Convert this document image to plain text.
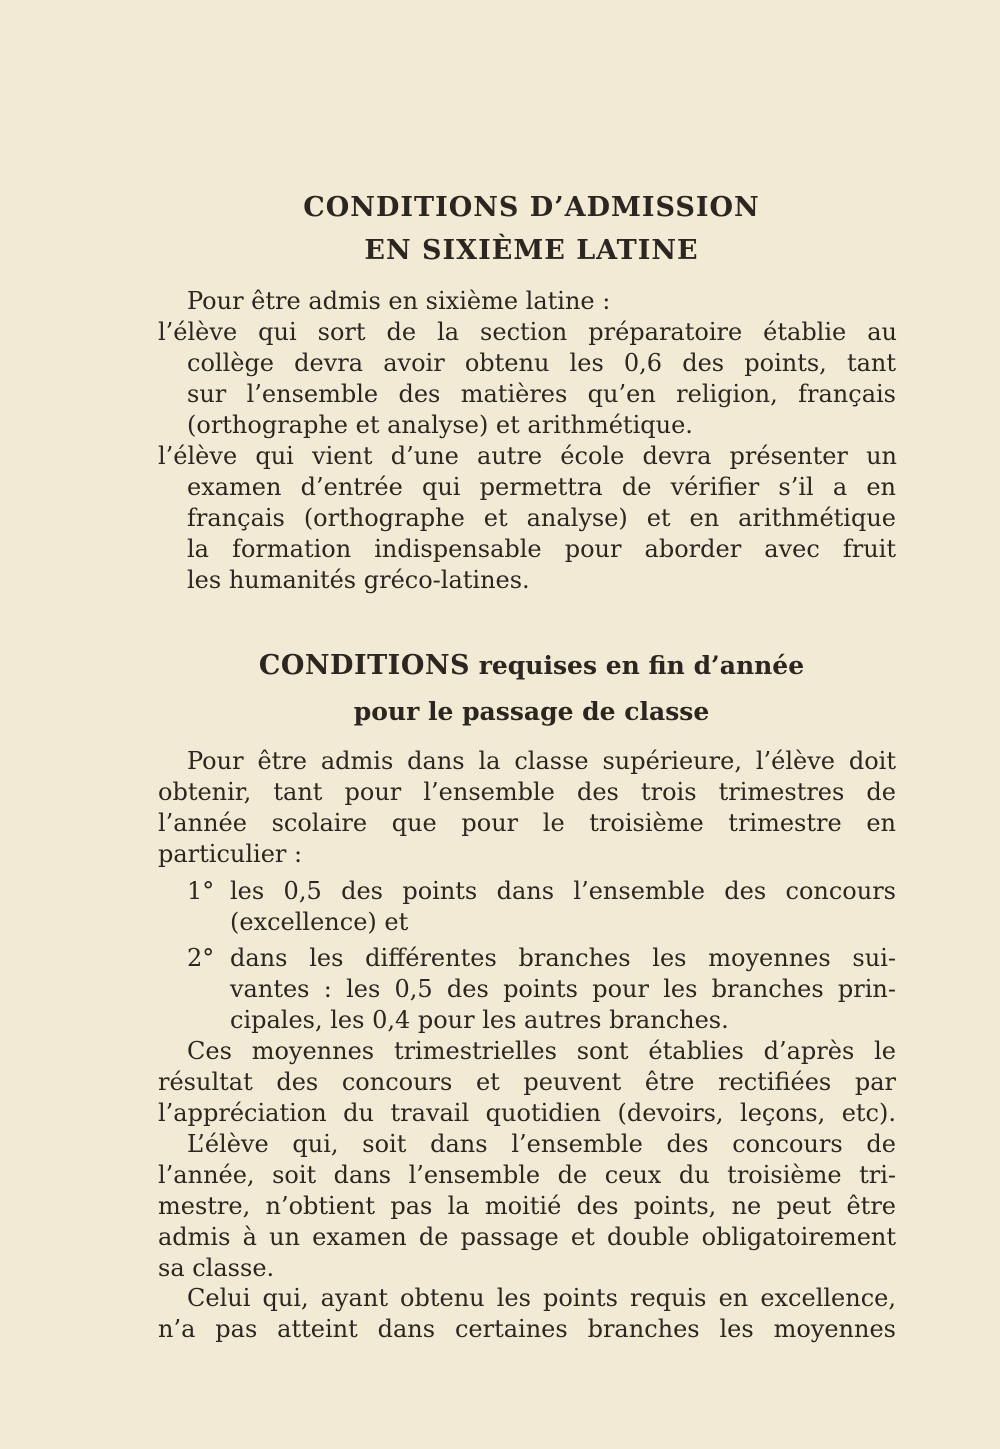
CONDITIONS D’ADMISSION
EN SIXIÈME LATINE
Pour être admis en sixième latine :
l’élève qui sort de la section préparatoire établie au
collège devra avoir obtenu les 0,6 des points, tant
sur l’ensemble des matières qu’en religion, français
(orthographe et analyse) et arithmétique.
l’élève qui vient d’une autre école devra présenter un
examen d’entrée qui permettra de vérifier s’il a en
français (orthographe et analyse) et en arithmétique
la formation indispensable pour aborder avec fruit
les humanités gréco-latines.
CONDITIONS requises en fin d’année
pour le passage de classe
Pour être admis dans la classe supérieure, l’élève doit
obtenir, tant pour l’ensemble des trois trimestres de
l’année scolaire que pour le troisième trimestre en
particulier :
1° les 0,5 des points dans l’ensemble des concours
(excellence) et
2° dans les différentes branches les moyennes sui-
vantes : les 0,5 des points pour les branches prin-
cipales, les 0,4 pour les autres branches.
Ces moyennes trimestrielles sont établies d’après le
résultat des concours et peuvent être rectifiées par
l’appréciation du travail quotidien (devoirs, leçons, etc).
L’élève qui, soit dans l’ensemble des concours de
l’année, soit dans l’ensemble de ceux du troisième tri-
mestre, n’obtient pas la moitié des points, ne peut être
admis à un examen de passage et double obligatoirement
sa classe.
Celui qui, ayant obtenu les points requis en excellence,
n’a pas atteint dans certaines branches les moyennes
